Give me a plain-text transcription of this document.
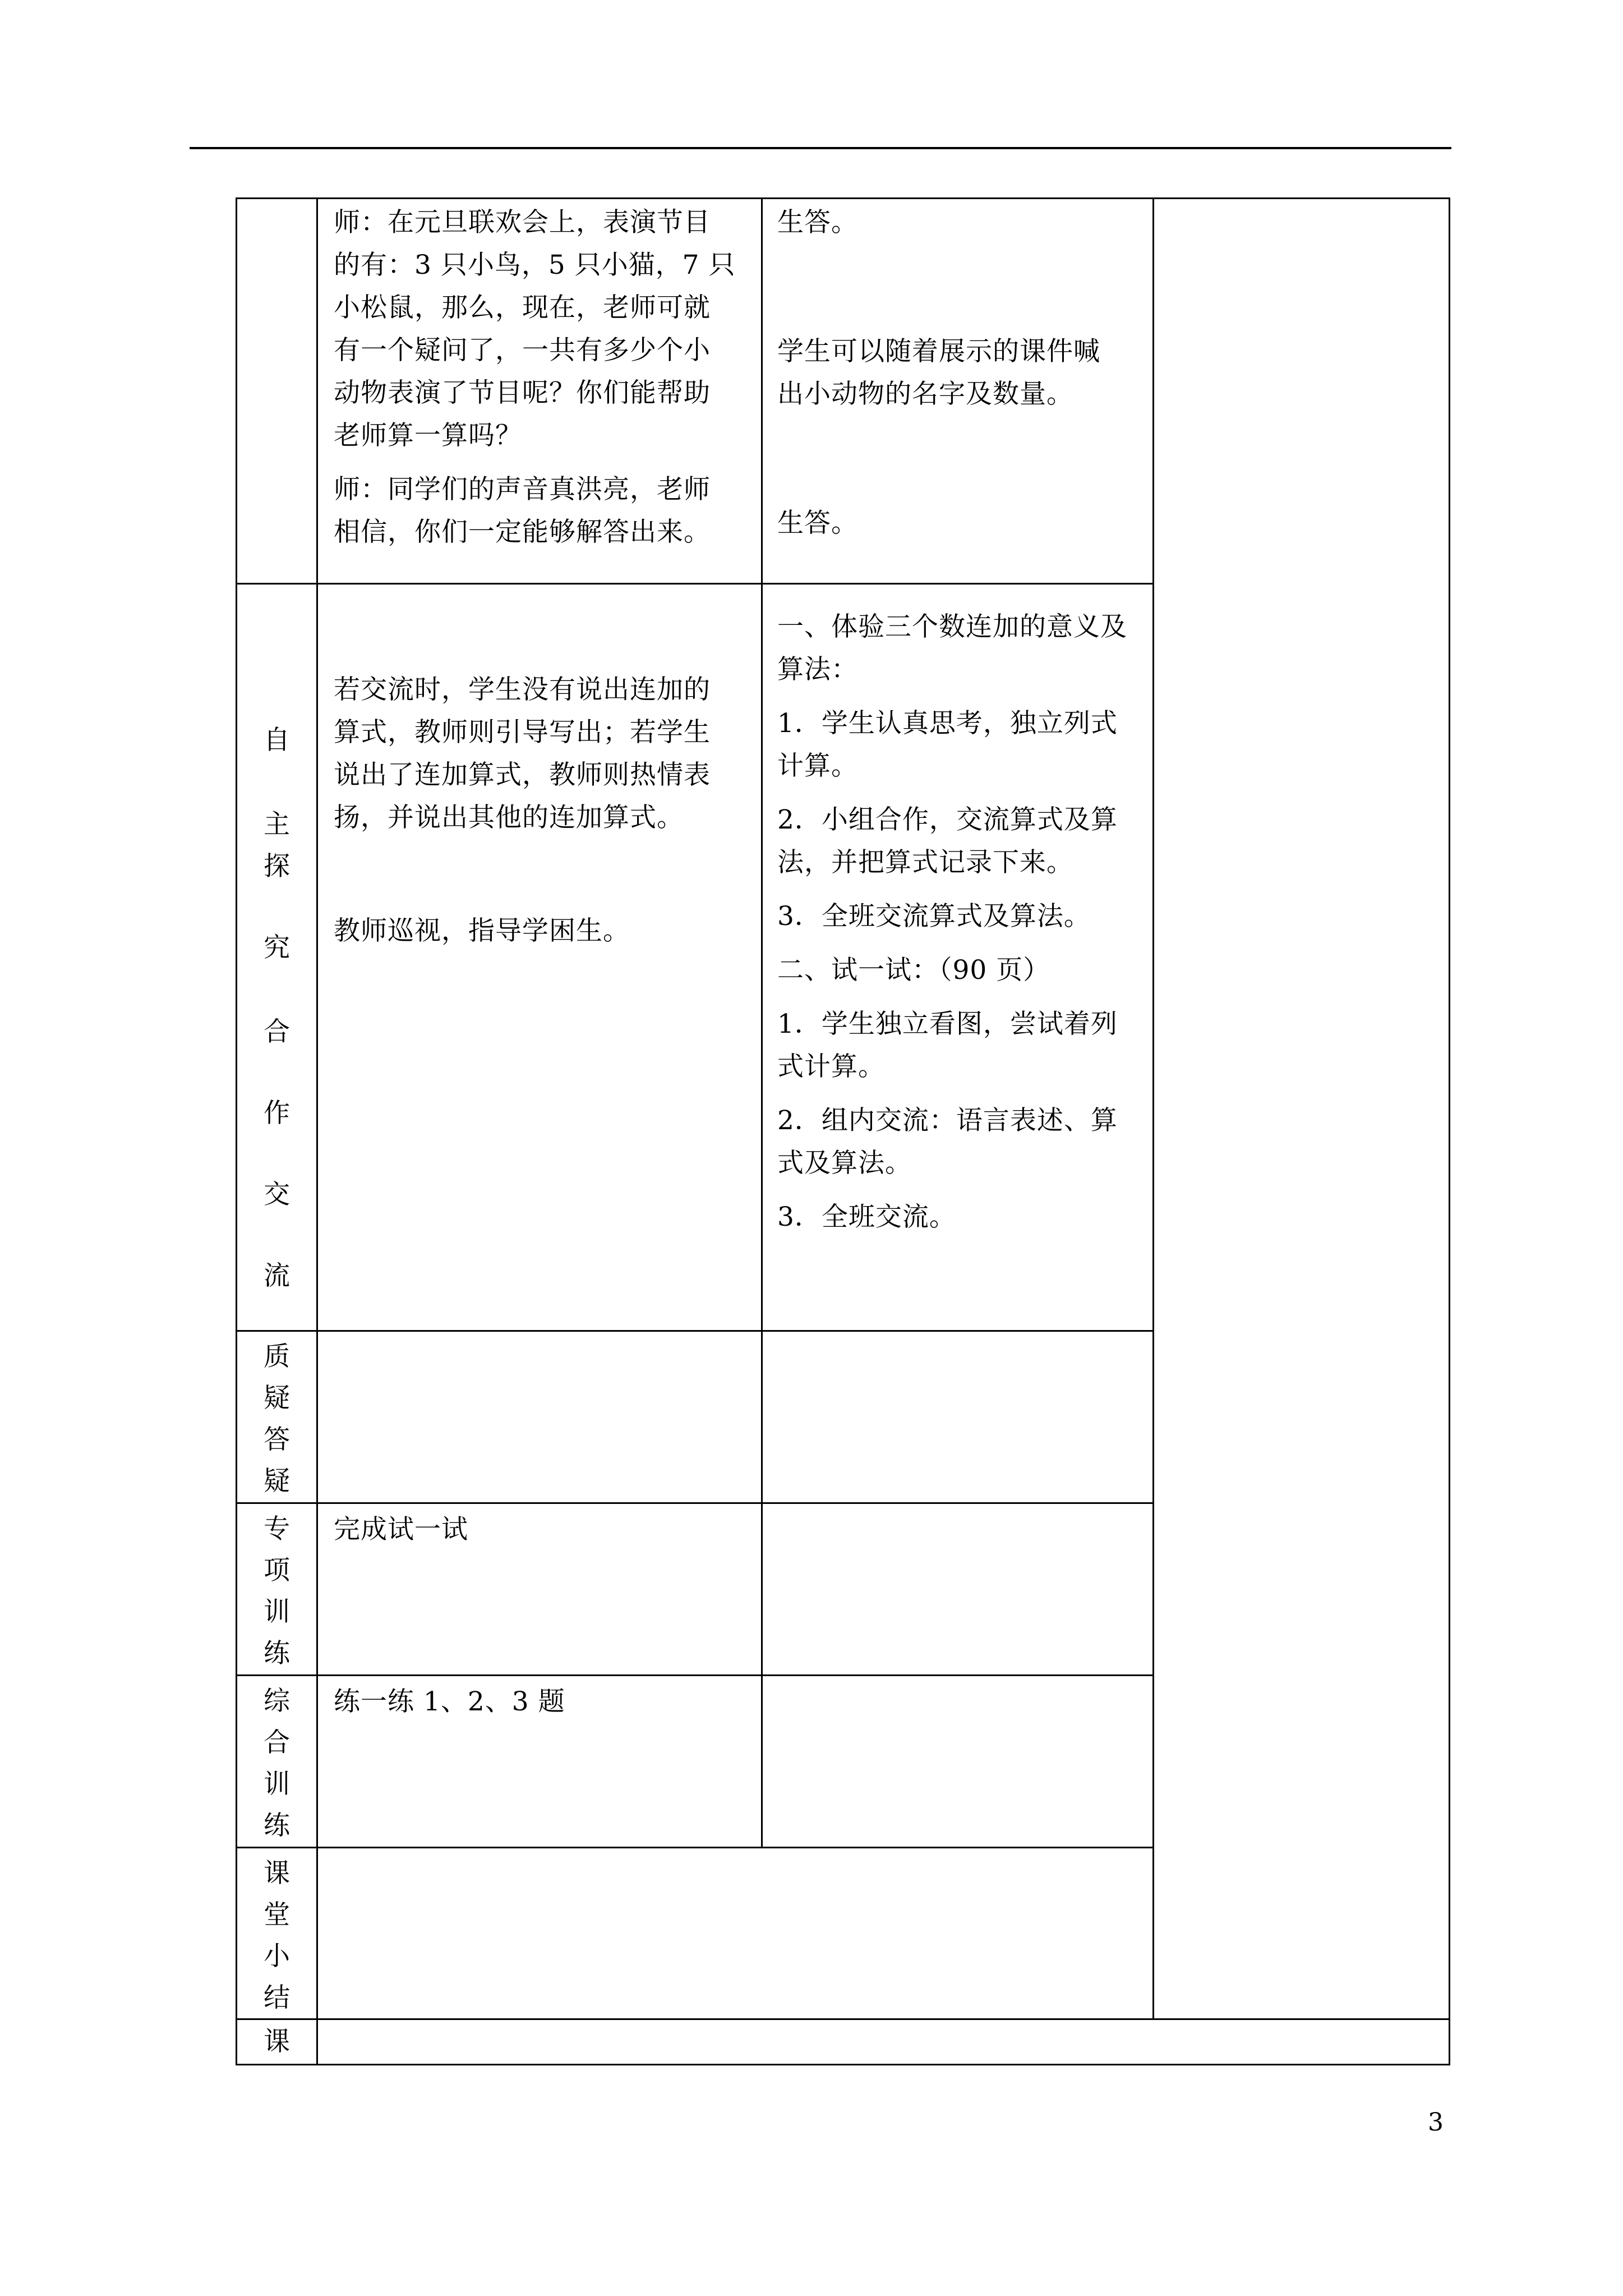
师：在元旦联欢会上，表演节目
的有：3 只小鸟，5 只小猫，7 只
小松鼠，那么，现在，老师可就
有一个疑问了，一共有多少个小
动物表演了节目呢？你们能帮助
老师算一算吗？
师：同学们的声音真洪亮，老师
相信，你们一定能够解答出来。
生答。
学生可以随着展示的课件喊
出小动物的名字及数量。
生答。
自
主
探
究
合
作
交
流
若交流时，学生没有说出连加的
算式，教师则引导写出；若学生
说出了连加算式，教师则热情表
扬，并说出其他的连加算式。
教师巡视，指导学困生。
一、体验三个数连加的意义及
算法：
1．学生认真思考，独立列式
计算。
2．小组合作，交流算式及算
法，并把算式记录下来。
3．全班交流算式及算法。
二、试一试：（90 页）
1．学生独立看图，尝试着列
式计算。
2．组内交流：语言表述、算
式及算法。
3．全班交流。
质
疑
答
疑
专
项
训
练
完成试一试
综
合
训
练
练一练 1、2、3 题
课
堂
小
结
课
3
